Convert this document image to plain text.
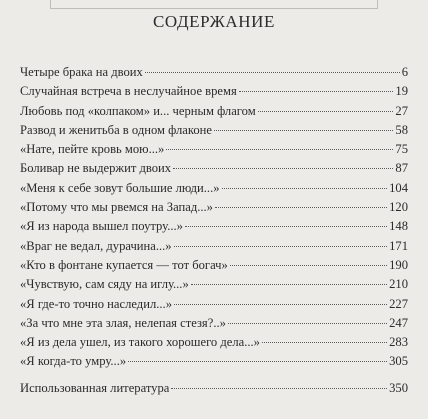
СОДЕРЖАНИЕ
Четыре брака на двоих	6
Случайная встреча в неслучайное время	19
Любовь под «колпаком» и... черным флагом	27
Развод и женитьба в одном флаконе	58
«Нате, пейте кровь мою...»	75
Боливар не выдержит двоих	87
«Меня к себе зовут большие люди...»	104
«Потому что мы рвемся на Запад...»	120
«Я из народа вышел поутру...»	148
«Враг не ведал, дурачина...»	171
«Кто в фонтане купается — тот богач»	190
«Чувствую, сам сяду на иглу...»	210
«Я где-то точно наследил...»	227
«За что мне эта злая, нелепая стезя?..»	247
«Я из дела ушел, из такого хорошего дела...»	283
«Я когда-то умру...»	305
Использованная литература	350
